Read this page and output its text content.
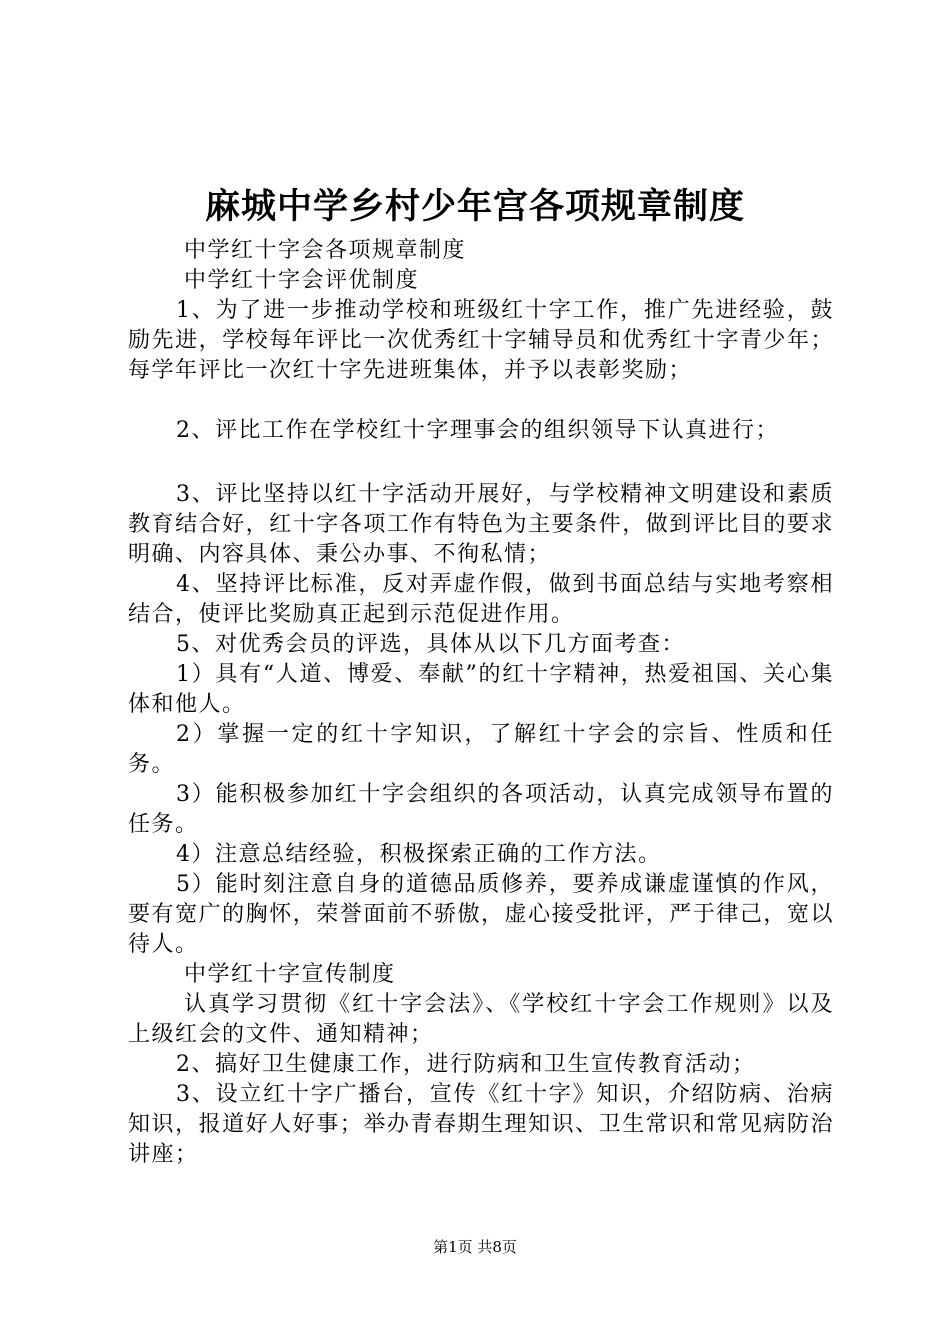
麻城中学乡村少年宫各项规章制度

中学红十字会各项规章制度

中学红十字会评优制度

1、为了进一步推动学校和班级红十字工作，推广先进经验，鼓励先进，学校每年评比一次优秀红十字辅导员和优秀红十字青少年；每学年评比一次红十字先进班集体，并予以表彰奖励；

2、评比工作在学校红十字理事会的组织领导下认真进行；

3、评比坚持以红十字活动开展好，与学校精神文明建设和素质教育结合好，红十字各项工作有特色为主要条件，做到评比目的要求明确、内容具体、秉公办事、不徇私情；

4、坚持评比标准，反对弄虚作假，做到书面总结与实地考察相结合，使评比奖励真正起到示范促进作用。

5、对优秀会员的评选，具体从以下几方面考查：

1）具有“人道、博爱、奉献”的红十字精神，热爱祖国、关心集体和他人。

2）掌握一定的红十字知识，了解红十字会的宗旨、性质和任务。

3）能积极参加红十字会组织的各项活动，认真完成领导布置的任务。

4）注意总结经验，积极探索正确的工作方法。

5）能时刻注意自身的道德品质修养，要养成谦虚谨慎的作风，要有宽广的胸怀，荣誉面前不骄傲，虚心接受批评，严于律己，宽以待人。

中学红十字宣传制度

认真学习贯彻《红十字会法》、《学校红十字会工作规则》以及上级红会的文件、通知精神；

2、搞好卫生健康工作，进行防病和卫生宣传教育活动；

3、设立红十字广播台，宣传《红十字》知识，介绍防病、治病知识，报道好人好事；举办青春期生理知识、卫生常识和常见病防治讲座；

第1页 共8页
